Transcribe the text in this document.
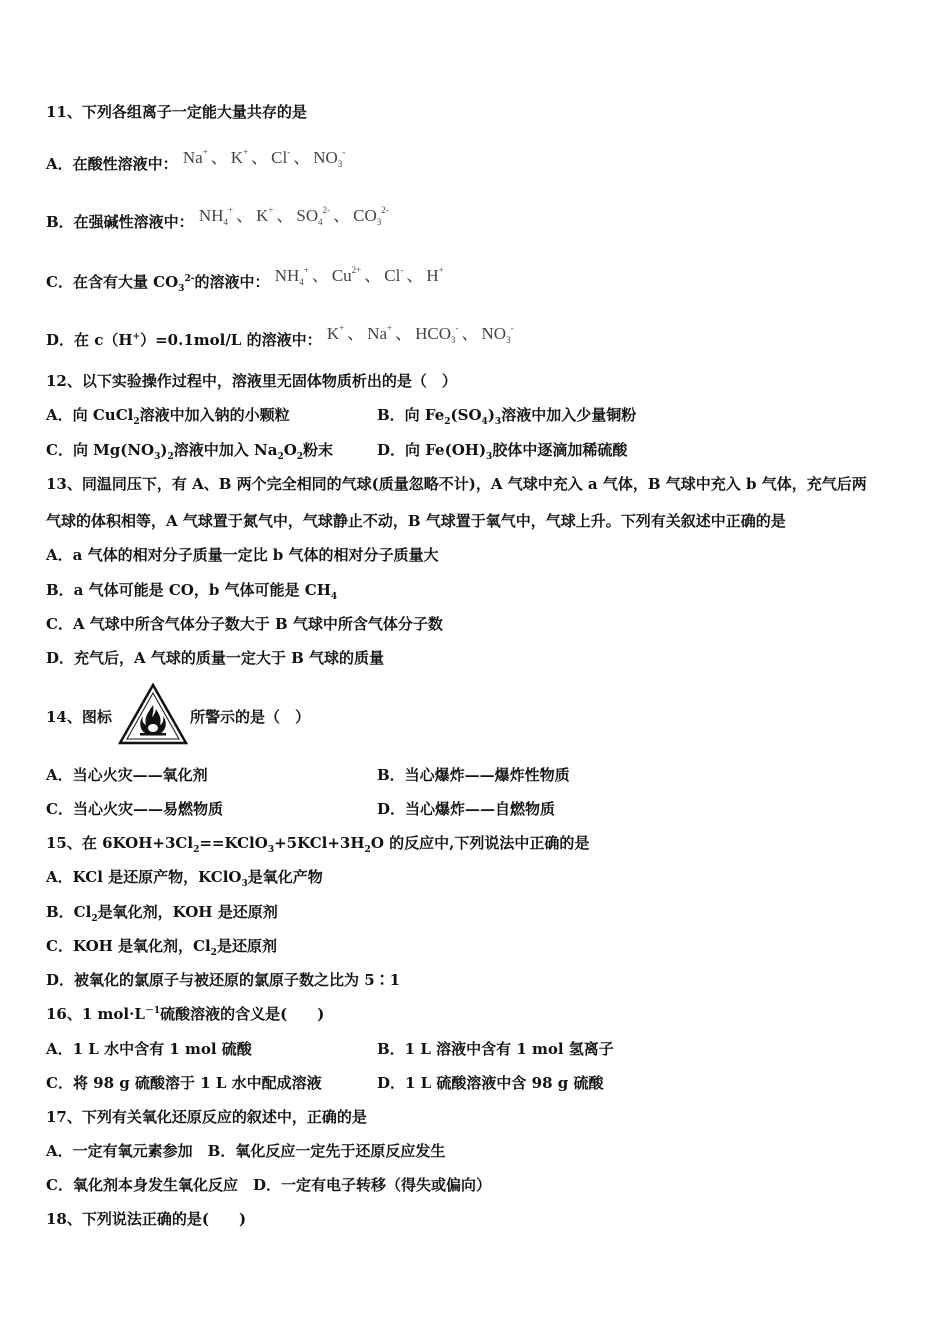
11、下列各组离子一定能大量共存的是
A．在酸性溶液中： Na+ 、 K+ 、 Cl- 、 $NO_3^-$
B．在强碱性溶液中： $NH_4^+$ 、 K+ 、 $SO_4^{2-}$ 、 $CO_3^{2-}$
C．在含有大量 $CO_3^{2-}$的溶液中： $NH_4^+$ 、 $Cu^{2+}$ 、 Cl- 、 H+
D．在 c（H+）=0.1mol/L 的溶液中： K+ 、 Na+ 、 $HCO_3^-$ 、 $NO_3^-$
12、以下实验操作过程中，溶液里无固体物质析出的是（　）
A．向 CuCl$_2$溶液中加入钠的小颗粒	B．向 $Fe_2(SO_4)_3$溶液中加入少量铜粉
C．向 $Mg(NO_3)_2$溶液中加入 $Na_2O_2$粉末	D．向 $Fe(OH)_3$胶体中逐滴加稀硫酸
13、同温同压下，有 A、B 两个完全相同的气球(质量忽略不计)，A 气球中充入 a 气体，B 气球中充入 b 气体，充气后两
气球的体积相等，A 气球置于氮气中，气球静止不动，B 气球置于氧气中，气球上升。下列有关叙述中正确的是
A．a 气体的相对分子质量一定比 b 气体的相对分子质量大
B．a 气体可能是 CO，b 气体可能是 $CH_4$
C．A 气球中所含气体分子数大于 B 气球中所含气体分子数
D．充气后，A 气球的质量一定大于 B 气球的质量
14、图标	所警示的是（　）
A．当心火灾——氧化剂	B．当心爆炸——爆炸性物质
C．当心火灾——易燃物质	D．当心爆炸——自燃物质
15、在 $6KOH+3Cl_2==KClO_3+5KCl+3H_2O$ 的反应中,下列说法中正确的是
A．KCl 是还原产物，KClO$_3$是氧化产物
B．$Cl_2$是氧化剂，KOH 是还原剂
C．KOH 是氧化剂，$Cl_2$是还原剂
D．被氧化的氯原子与被还原的氯原子数之比为 5∶1
16、1 $mol\cdot L^{-1}$硫酸溶液的含义是(　　)
A．1 L 水中含有 1 mol 硫酸	B．1 L 溶液中含有 1 mol 氢离子
C．将 98 g 硫酸溶于 1 L 水中配成溶液	D．1 L 硫酸溶液中含 98 g 硫酸
17、下列有关氧化还原反应的叙述中，正确的是
A．一定有氧元素参加　B．氧化反应一定先于还原反应发生
C．氧化剂本身发生氧化反应　D．一定有电子转移（得失或偏向）
18、下列说法正确的是(　　)
